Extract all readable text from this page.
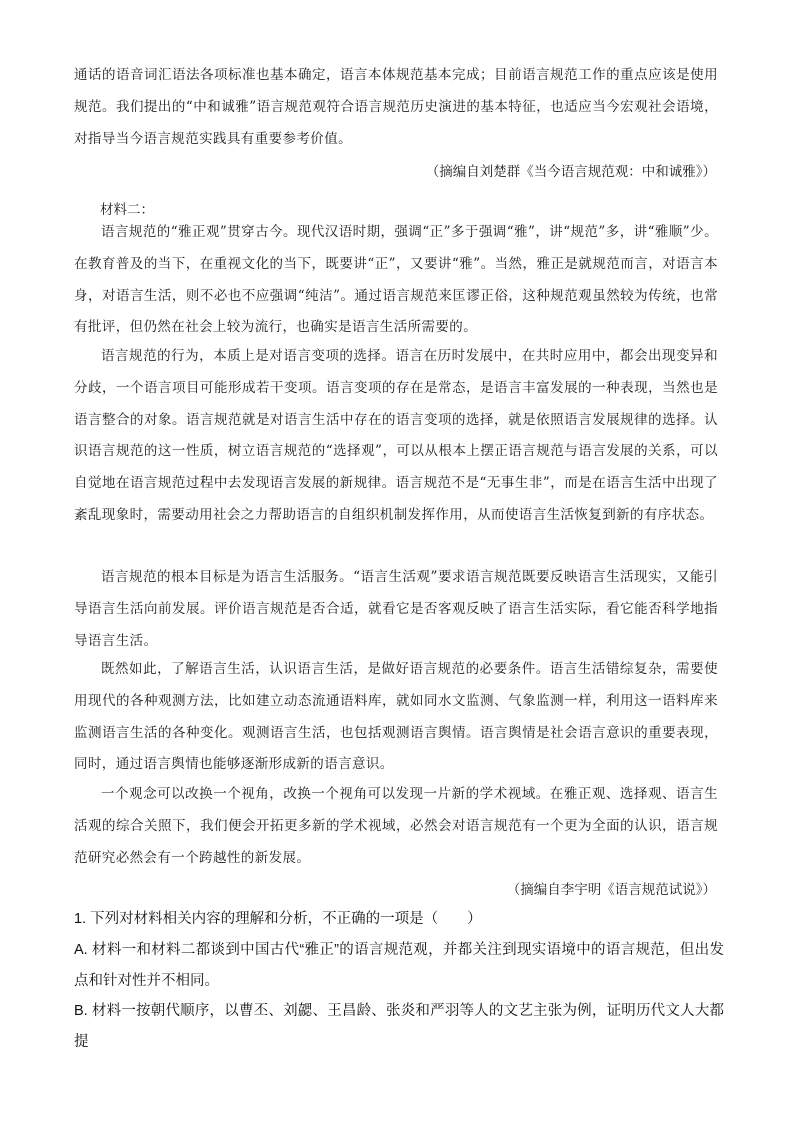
通话的语音词汇语法各项标准也基本确定，语言本体规范基本完成；目前语言规范工作的重点应该是使用规范。我们提出的“中和诚雅”语言规范观符合语言规范历史演进的基本特征，也适应当今宏观社会语境，对指导当今语言规范实践具有重要参考价值。

（摘编自刘楚群《当今语言规范观：中和诚雅》）

材料二：

语言规范的“雅正观”贯穿古今。现代汉语时期，强调“正”多于强调“雅”，讲“规范”多，讲“雅顺”少。在教育普及的当下，在重视文化的当下，既要讲“正”，又要讲“雅”。当然，雅正是就规范而言，对语言本身，对语言生活，则不必也不应强调“纯洁”。通过语言规范来匡谬正俗，这种规范观虽然较为传统，也常有批评，但仍然在社会上较为流行，也确实是语言生活所需要的。

语言规范的行为，本质上是对语言变项的选择。语言在历时发展中，在共时应用中，都会出现变异和分歧，一个语言项目可能形成若干变项。语言变项的存在是常态，是语言丰富发展的一种表现，当然也是语言整合的对象。语言规范就是对语言生活中存在的语言变项的选择，就是依照语言发展规律的选择。认识语言规范的这一性质，树立语言规范的“选择观”，可以从根本上摆正语言规范与语言发展的关系，可以自觉地在语言规范过程中去发现语言发展的新规律。语言规范不是“无事生非”，而是在语言生活中出现了紊乱现象时，需要动用社会之力帮助语言的自组织机制发挥作用，从而使语言生活恢复到新的有序状态。

语言规范的根本目标是为语言生活服务。“语言生活观”要求语言规范既要反映语言生活现实，又能引导语言生活向前发展。评价语言规范是否合适，就看它是否客观反映了语言生活实际，看它能否科学地指导语言生活。

既然如此，了解语言生活，认识语言生活，是做好语言规范的必要条件。语言生活错综复杂，需要使用现代的各种观测方法，比如建立动态流通语料库，就如同水文监测、气象监测一样，利用这一语料库来监测语言生活的各种变化。观测语言生活，也包括观测语言舆情。语言舆情是社会语言意识的重要表现，同时，通过语言舆情也能够逐渐形成新的语言意识。

一个观念可以改换一个视角，改换一个视角可以发现一片新的学术视域。在雅正观、选择观、语言生活观的综合关照下，我们便会开拓更多新的学术视域，必然会对语言规范有一个更为全面的认识，语言规范研究必然会有一个跨越性的新发展。

（摘编自李宇明《语言规范试说》）

1. 下列对材料相关内容的理解和分析，不正确的一项是（　　）

A. 材料一和材料二都谈到中国古代“雅正”的语言规范观，并都关注到现实语境中的语言规范，但出发点和针对性并不相同。

B. 材料一按朝代顺序，以曹丕、刘勰、王昌龄、张炎和严羽等人的文艺主张为例，证明历代文人大都提
